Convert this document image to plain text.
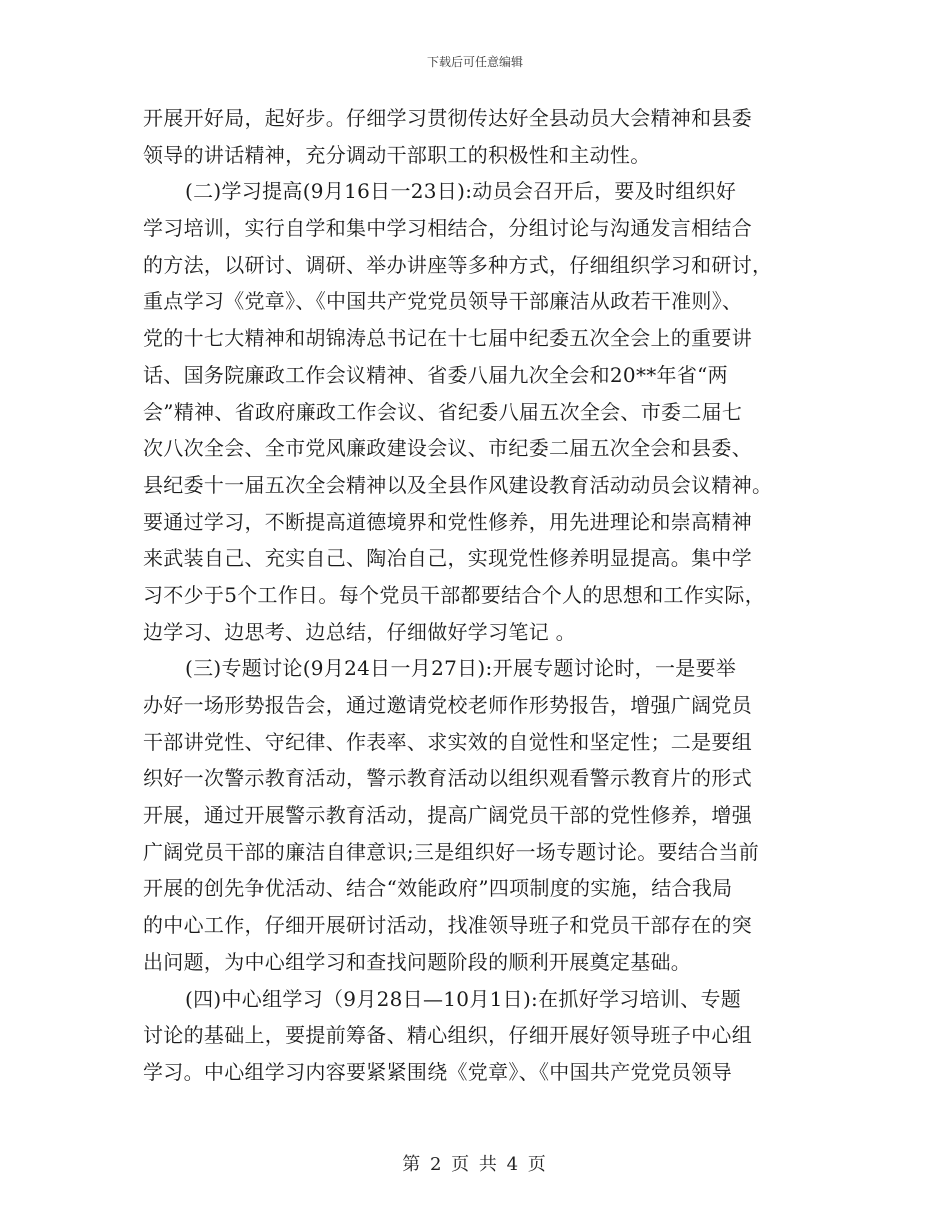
下载后可任意编辑
开展开好局，起好步。仔细学习贯彻传达好全县动员大会精神和县委
领导的讲话精神，充分调动干部职工的积极性和主动性。
(二)学习提高(9月16日一23日):动员会召开后，要及时组织好
学习培训，实行自学和集中学习相结合，分组讨论与沟通发言相结合
的方法，以研讨、调研、举办讲座等多种方式，仔细组织学习和研讨，
重点学习《党章》、《中国共产党党员领导干部廉洁从政若干准则》、
党的十七大精神和胡锦涛总书记在十七届中纪委五次全会上的重要讲
话、国务院廉政工作会议精神、省委八届九次全会和20**年省“两
会”精神、省政府廉政工作会议、省纪委八届五次全会、市委二届七
次八次全会、全市党风廉政建设会议、市纪委二届五次全会和县委、
县纪委十一届五次全会精神以及全县作风建设教育活动动员会议精神。
要通过学习，不断提高道德境界和党性修养，用先进理论和崇高精神
来武装自己、充实自己、陶冶自己，实现党性修养明显提高。集中学
习不少于5个工作日。每个党员干部都要结合个人的思想和工作实际，
边学习、边思考、边总结，仔细做好学习笔记 。
(三)专题讨论(9月24日一月27日):开展专题讨论时，一是要举
办好一场形势报告会，通过邀请党校老师作形势报告，增强广阔党员
干部讲党性、守纪律、作表率、求实效的自觉性和坚定性；二是要组
织好一次警示教育活动，警示教育活动以组织观看警示教育片的形式
开展，通过开展警示教育活动，提高广阔党员干部的党性修养，增强
广阔党员干部的廉洁自律意识;三是组织好一场专题讨论。要结合当前
开展的创先争优活动、结合“效能政府”四项制度的实施，结合我局
的中心工作，仔细开展研讨活动，找准领导班子和党员干部存在的突
出问题，为中心组学习和查找问题阶段的顺利开展奠定基础。
(四)中心组学习（9月28日—10月1日):在抓好学习培训、专题
讨论的基础上，要提前筹备、精心组织，仔细开展好领导班子中心组
学习。中心组学习内容要紧紧围绕《党章》、《中国共产党党员领导
第 2 页 共 4 页
